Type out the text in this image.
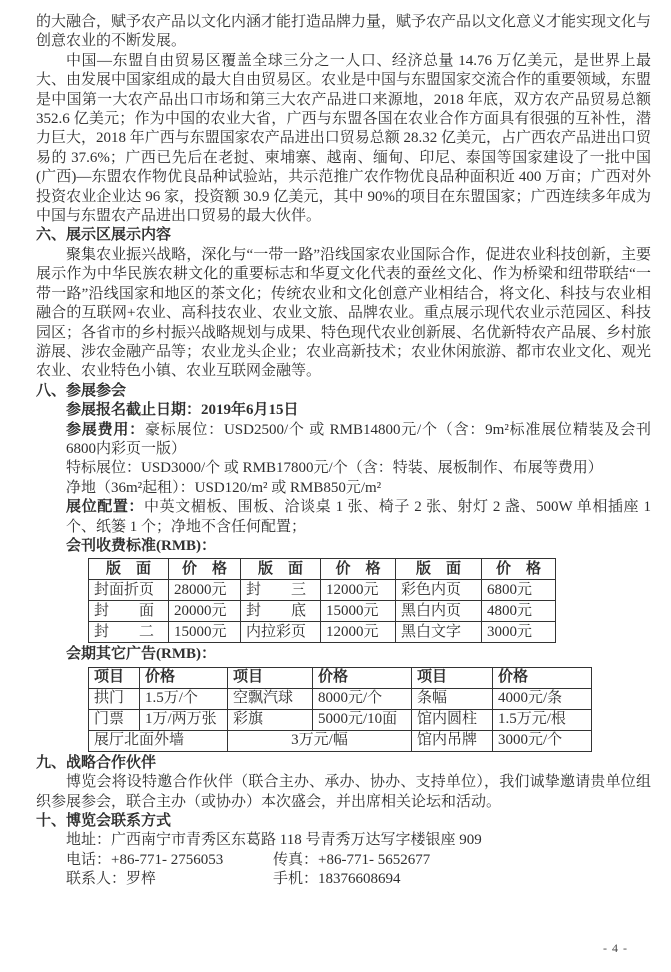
的大融合，赋予农产品以文化内涵才能打造品牌力量，赋予农产品以文化意义才能实现文化与创意农业的不断发展。

中国—东盟自由贸易区覆盖全球三分之一人口、经济总量 14.76 万亿美元，是世界上最大、由发展中国家组成的最大自由贸易区。农业是中国与东盟国家交流合作的重要领域，东盟是中国第一大农产品出口市场和第三大农产品进口来源地，2018 年底，双方农产品贸易总额 352.6 亿美元；作为中国的农业大省，广西与东盟各国在农业合作方面具有很强的互补性，潜力巨大，2018 年广西与东盟国家农产品进出口贸易总额 28.32 亿美元，占广西农产品进出口贸易的 37.6%；广西已先后在老挝、柬埔寨、越南、缅甸、印尼、泰国等国家建设了一批中国(广西)—东盟农作物优良品种试验站，共示范推广农作物优良品种面积近 400 万亩；广西对外投资农业企业达 96 家，投资额 30.9 亿美元，其中 90%的项目在东盟国家；广西连续多年成为中国与东盟农产品进出口贸易的最大伙伴。

六、展示区展示内容

聚集农业振兴战略，深化与“一带一路”沿线国家农业国际合作，促进农业科技创新，主要展示作为中华民族农耕文化的重要标志和华夏文化代表的蚕丝文化、作为桥梁和纽带联结“一带一路”沿线国家和地区的茶文化；传统农业和文化创意产业相结合，将文化、科技与农业相融合的互联网+农业、高科技农业、农业文旅、品牌农业。重点展示现代农业示范园区、科技园区；各省市的乡村振兴战略规划与成果、特色现代农业创新展、名优新特农产品展、乡村旅游展、涉农金融产品等；农业龙头企业；农业高新技术；农业休闲旅游、都市农业文化、观光农业、农业特色小镇、农业互联网金融等。

八、参展参会

参展报名截止日期：2019年6月15日

参展费用：豪标展位：USD2500/个 或 RMB14800元/个（含：9m²标准展位精装及会刊6800内彩页一版）

特标展位：USD3000/个 或 RMB17800元/个（含：特装、展板制作、布展等费用）

净地（36m²起租）：USD120/m² 或 RMB850元/m²

展位配置：中英文楣板、围板、洽谈桌 1 张、椅子 2 张、射灯 2 盏、500W 单相插座 1 个、纸篓 1 个；净地不含任何配置；

会刊收费标准(RMB)：

版　面	价　格	版　面	价　格	版　面	价　格
封面折页	28000元	封　　三	12000元	彩色内页	6800元
封　　面	20000元	封　　底	15000元	黑白内页	4800元
封　　二	15000元	内拉彩页	12000元	黑白文字	3000元

会期其它广告(RMB)：

项目	价格	项目	价格	项目	价格
拱门	1.5万/个	空飘汽球	8000元/个	条幅	4000元/条
门票	1万/两万张	彩旗	5000元/10面	馆内圆柱	1.5万元/根
展厅北面外墙		3万元/幅		馆内吊牌	3000元/个

九、战略合作伙伴

博览会将设特邀合作伙伴（联合主办、承办、协办、支持单位），我们诚挚邀请贵单位组织参展参会，联合主办（或协办）本次盛会，并出席相关论坛和活动。

十、博览会联系方式

地址：广西南宁市青秀区东葛路 118 号青秀万达写字楼银座 909

电话：+86-771- 2756053	传真：+86-771- 5652677
联系人：罗椊	手机：18376608694
- 4 -
